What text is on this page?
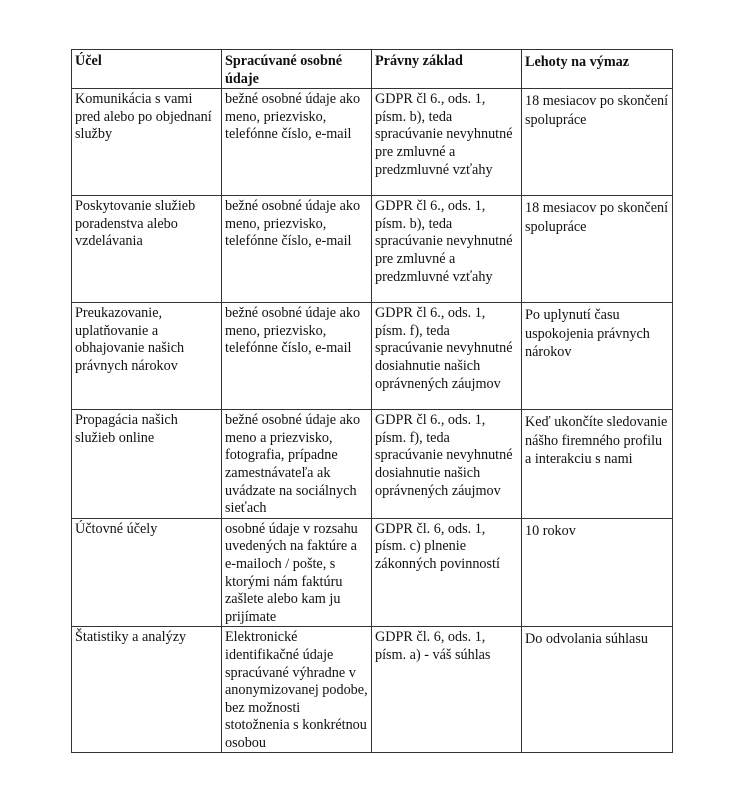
Účel	Spracúvané osobné údaje	Právny základ	Lehoty na výmaz
Komunikácia s vami pred alebo po objednaní služby	bežné osobné údaje ako meno, priezvisko, telefónne číslo, e-mail	GDPR čl 6., ods. 1, písm. b), teda spracúvanie nevyhnutné pre zmluvné a predzmluvné vzťahy	18 mesiacov po skončení spolupráce
Poskytovanie služieb poradenstva alebo vzdelávania	bežné osobné údaje ako meno, priezvisko, telefónne číslo, e-mail	GDPR čl 6., ods. 1, písm. b), teda spracúvanie nevyhnutné pre zmluvné a predzmluvné vzťahy	18 mesiacov po skončení spolupráce
Preukazovanie, uplatňovanie a obhajovanie našich právnych nárokov	bežné osobné údaje ako meno, priezvisko, telefónne číslo, e-mail	GDPR čl 6., ods. 1, písm. f), teda spracúvanie nevyhnutné dosiahnutie našich oprávnených záujmov	Po uplynutí času uspokojenia právnych nárokov
Propagácia našich služieb online	bežné osobné údaje ako meno a priezvisko, fotografia, prípadne zamestnávateľa ak uvádzate na sociálnych sieťach	GDPR čl 6., ods. 1, písm. f), teda spracúvanie nevyhnutné dosiahnutie našich oprávnených záujmov	Keď ukončíte sledovanie nášho firemného profilu a interakciu s nami
Účtovné účely	osobné údaje v rozsahu uvedených na faktúre a e-mailoch / pošte, s ktorými nám faktúru zašlete alebo kam ju prijímate	GDPR čl. 6, ods. 1, písm. c) plnenie zákonných povinností	10 rokov
Štatistiky a analýzy	Elektronické identifikačné údaje spracúvané výhradne v anonymizovanej podobe, bez možnosti stotožnenia s konkrétnou osobou	GDPR čl. 6, ods. 1, písm. a) - váš súhlas	Do odvolania súhlasu
